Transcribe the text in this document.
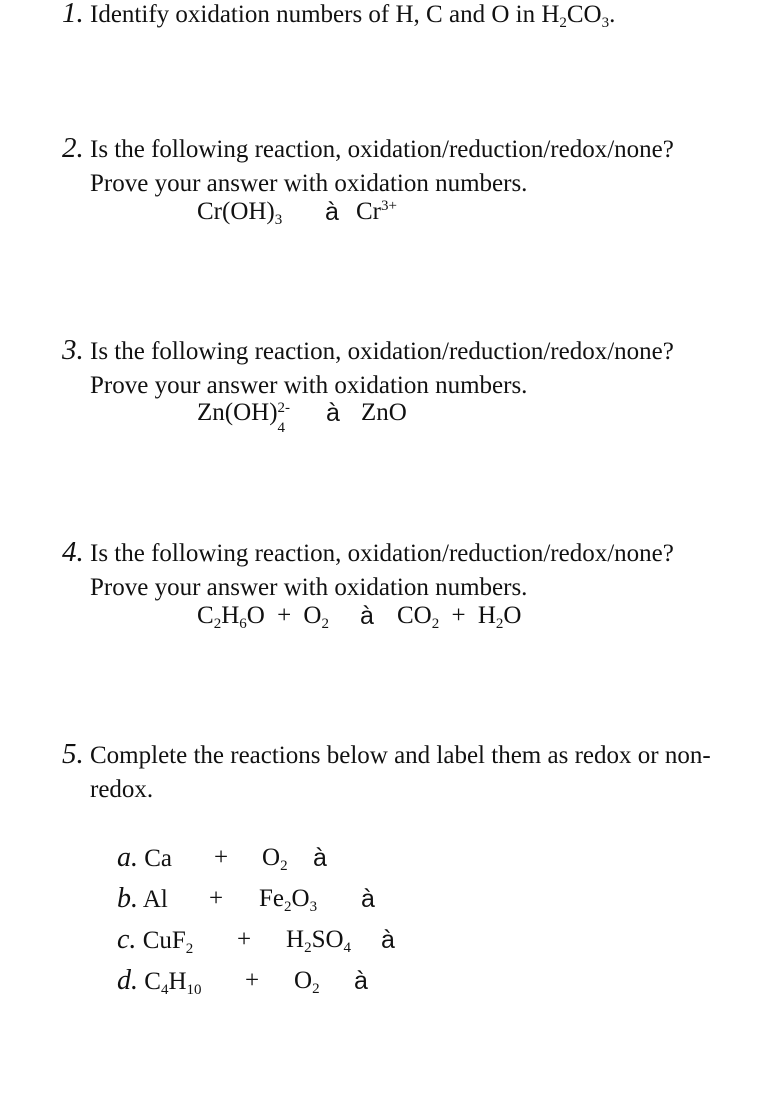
1. Identify oxidation numbers of H, C and O in $H_2CO_3$.
2. Is the following reaction, oxidation/reduction/redox/none?
Prove your answer with oxidation numbers.
$Cr(OH)_3$ à $Cr^{3+}$
3. Is the following reaction, oxidation/reduction/redox/none?
Prove your answer with oxidation numbers.
Zn(OH) 2-
4
à ZnO
4. Is the following reaction, oxidation/reduction/redox/none?
Prove your answer with oxidation numbers.
$C_2H_6O + O_2$ à $CO_2 + H_2O$
5. Complete the reactions below and label them as redox or non-
redox.
a. $Ca + O_2$ à
b. $Al + Fe_2O_3$ à
c. $CuF_2 + H_2SO_4$ à
d. $C_4H_{10} + O_2$ à
